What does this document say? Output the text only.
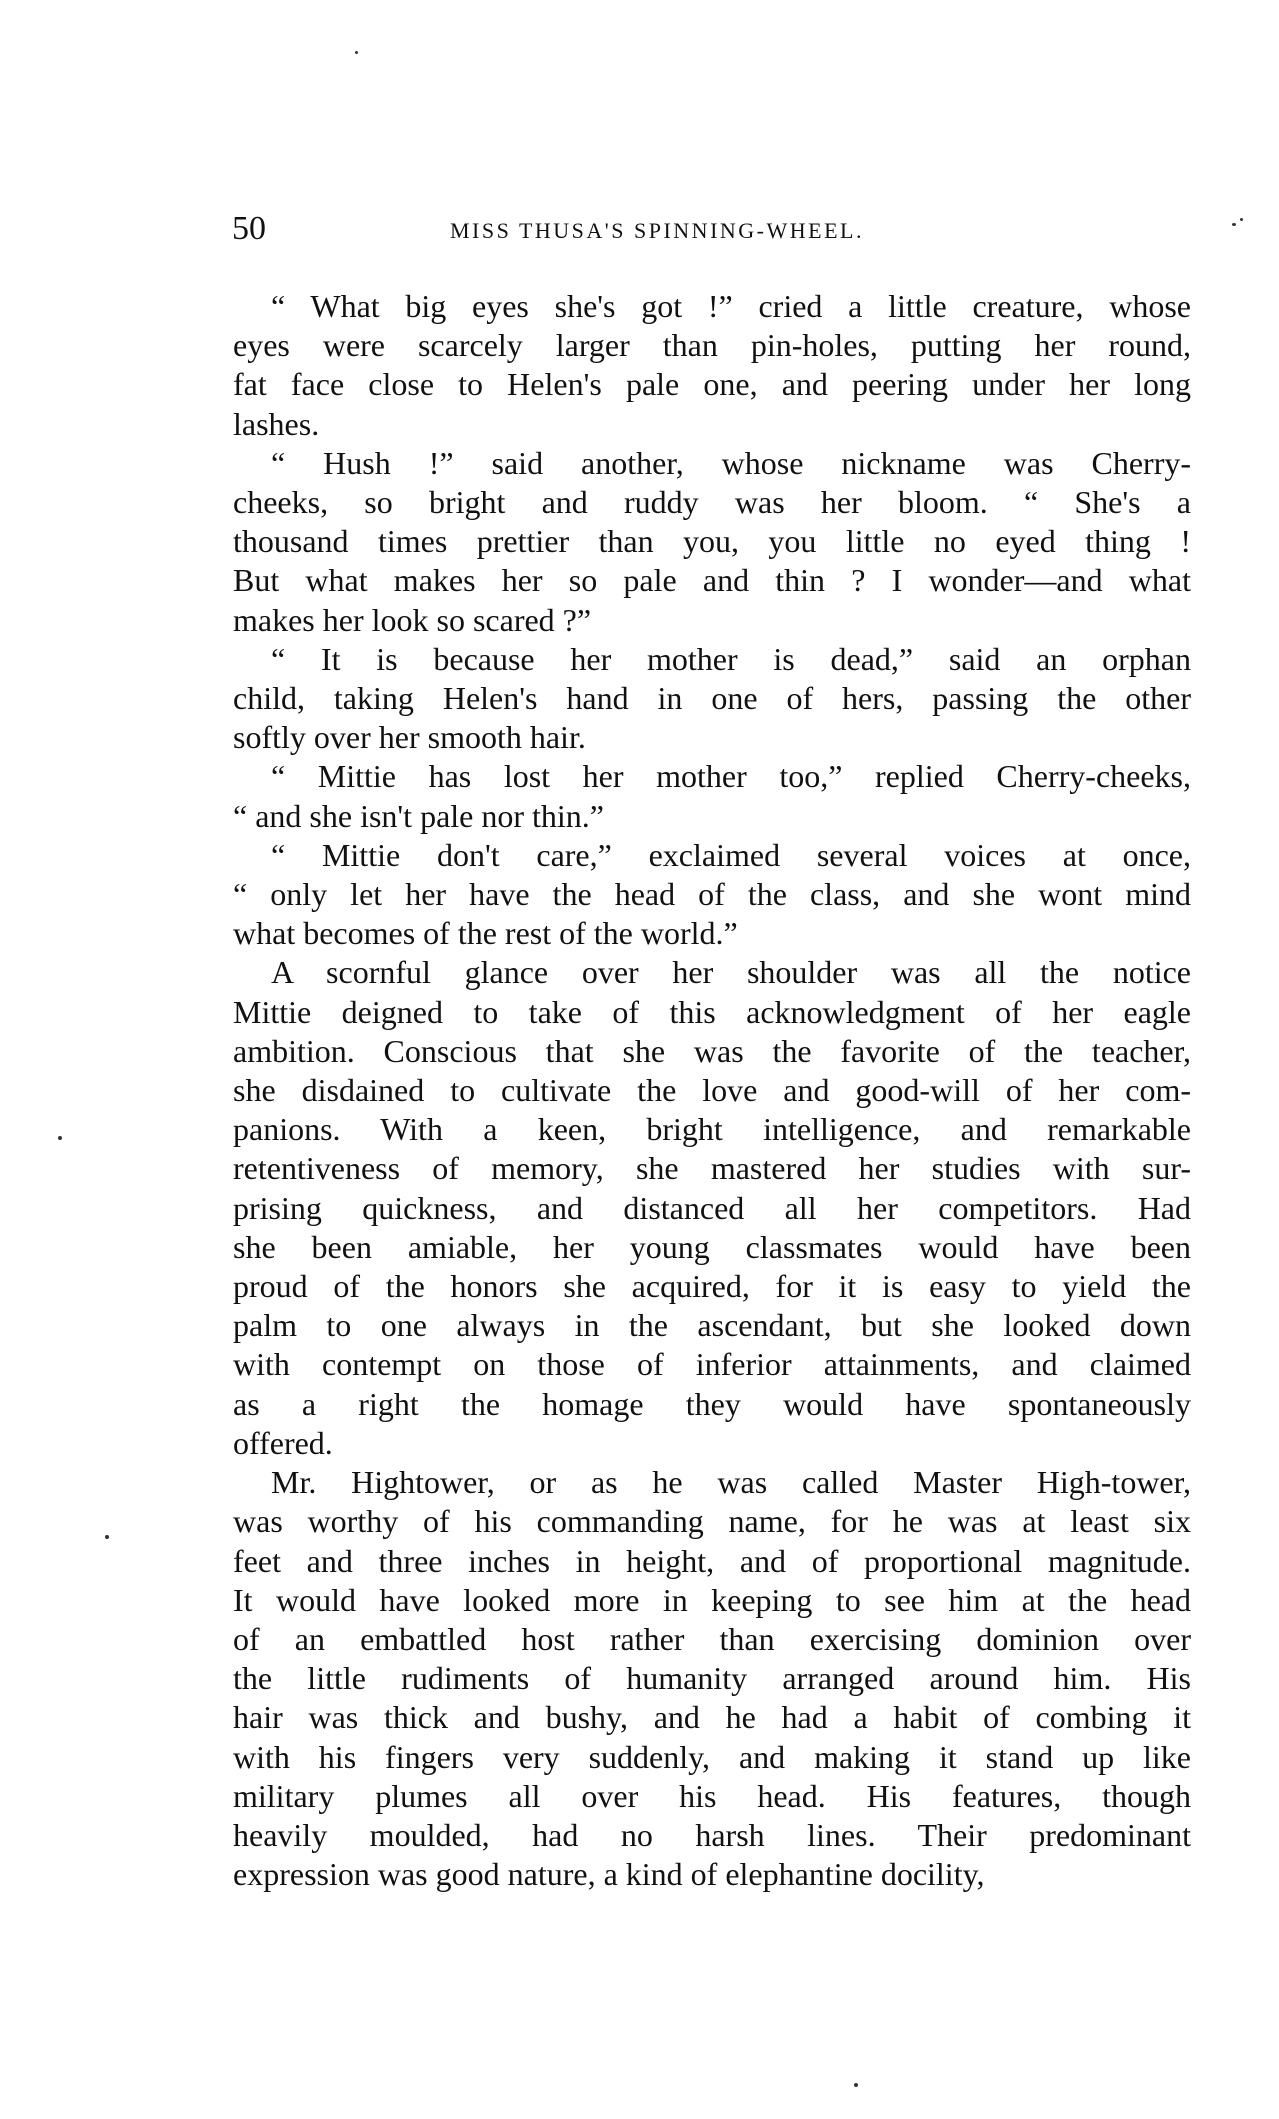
50	MISS THUSA'S SPINNING-WHEEL.
“ What big eyes she's got !” cried a little creature, whose
eyes were scarcely larger than pin-holes, putting her round,
fat face close to Helen's pale one, and peering under her long
lashes.
“ Hush !” said another, whose nickname was Cherry-
cheeks, so bright and ruddy was her bloom. “ She's a
thousand times prettier than you, you little no eyed thing !
But what makes her so pale and thin ? I wonder—and what
makes her look so scared ?”
“ It is because her mother is dead,” said an orphan
child, taking Helen's hand in one of hers, passing the other
softly over her smooth hair.
“ Mittie has lost her mother too,” replied Cherry-cheeks,
“ and she isn't pale nor thin.”
“ Mittie don't care,” exclaimed several voices at once,
“ only let her have the head of the class, and she wont mind
what becomes of the rest of the world.”
A scornful glance over her shoulder was all the notice
Mittie deigned to take of this acknowledgment of her eagle
ambition. Conscious that she was the favorite of the teacher,
she disdained to cultivate the love and good-will of her com-
panions. With a keen, bright intelligence, and remarkable
retentiveness of memory, she mastered her studies with sur-
prising quickness, and distanced all her competitors. Had
she been amiable, her young classmates would have been
proud of the honors she acquired, for it is easy to yield the
palm to one always in the ascendant, but she looked down
with contempt on those of inferior attainments, and claimed
as a right the homage they would have spontaneously
offered.
Mr. Hightower, or as he was called Master High-tower,
was worthy of his commanding name, for he was at least six
feet and three inches in height, and of proportional magnitude.
It would have looked more in keeping to see him at the head
of an embattled host rather than exercising dominion over
the little rudiments of humanity arranged around him. His
hair was thick and bushy, and he had a habit of combing it
with his fingers very suddenly, and making it stand up like
military plumes all over his head. His features, though
heavily moulded, had no harsh lines. Their predominant
expression was good nature, a kind of elephantine docility,
